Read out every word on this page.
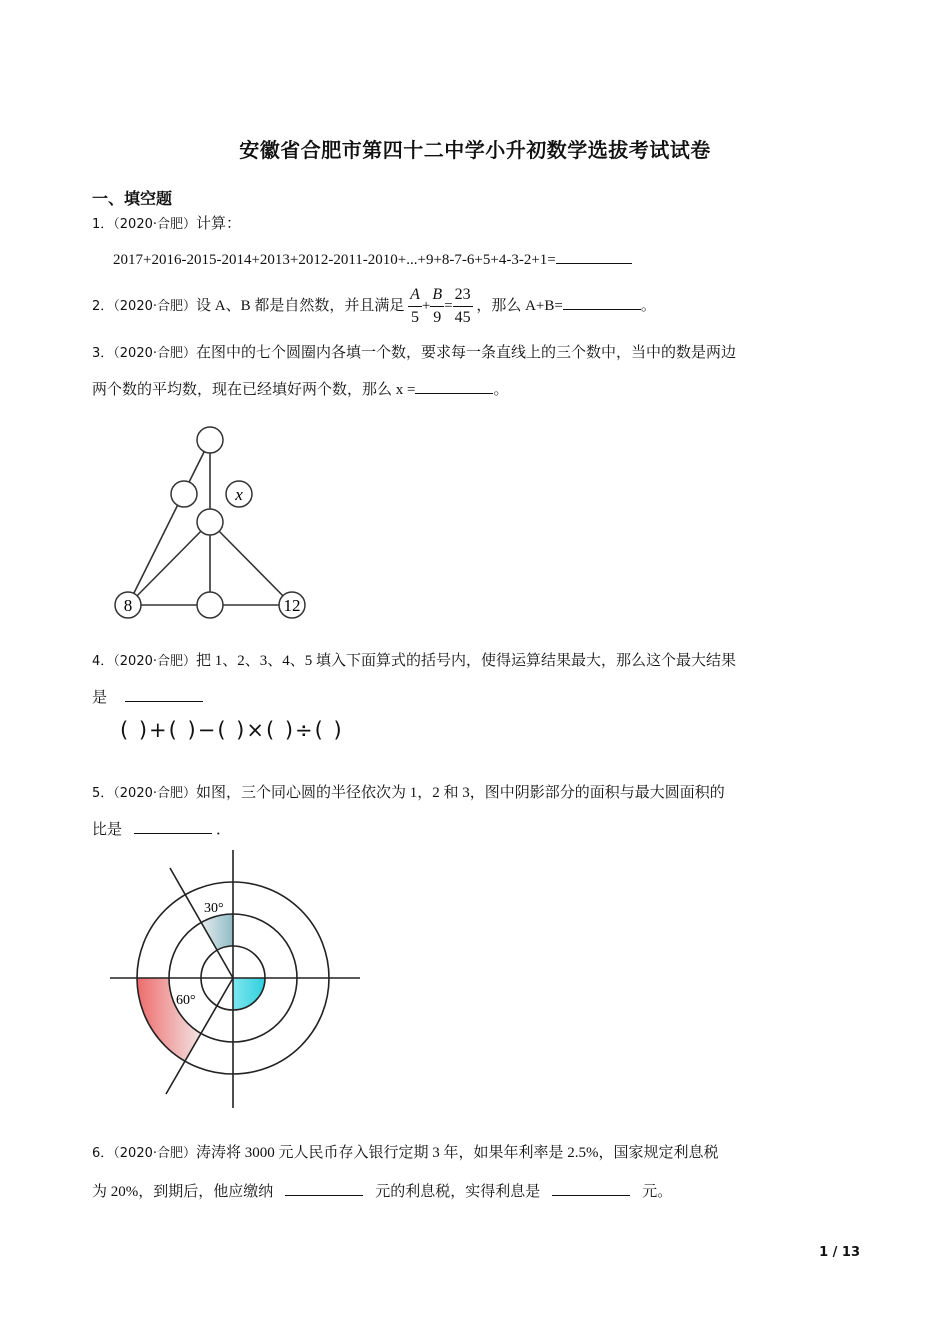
安徽省合肥市第四十二中学小升初数学选拔考试试卷
一、填空题
1．（2020·合肥）计算：
2017+2016-2015-2014+2013+2012-2011-2010+...+9+8-7-6+5+4-3-2+1=
2．（2020·合肥）设 A、B 都是自然数，并且满足 $\frac{A}{5} + \frac{B}{9} = \frac{23}{45}$ ，那么 A+B=	。
3．（2020·合肥）在图中的七个圆圈内各填一个数，要求每一条直线上的三个数中，当中的数是两边
两个数的平均数，现在已经填好两个数，那么 x =	。
x
8	12
4．（2020·合肥）把 1、2、3、4、5 填入下面算式的括号内，使得运算结果最大，那么这个最大结果
是
( )+( )−( )×( )÷( )
5．（2020·合肥）如图，三个同心圆的半径依次为 1，2 和 3，图中阴影部分的面积与最大圆面积的
比是	．
30°
60°
6．（2020·合肥）涛涛将 3000 元人民币存入银行定期 3 年，如果年利率是 2.5%，国家规定利息税
为 20%，到期后，他应缴纳	元的利息税，实得利息是	元。
1 / 13
